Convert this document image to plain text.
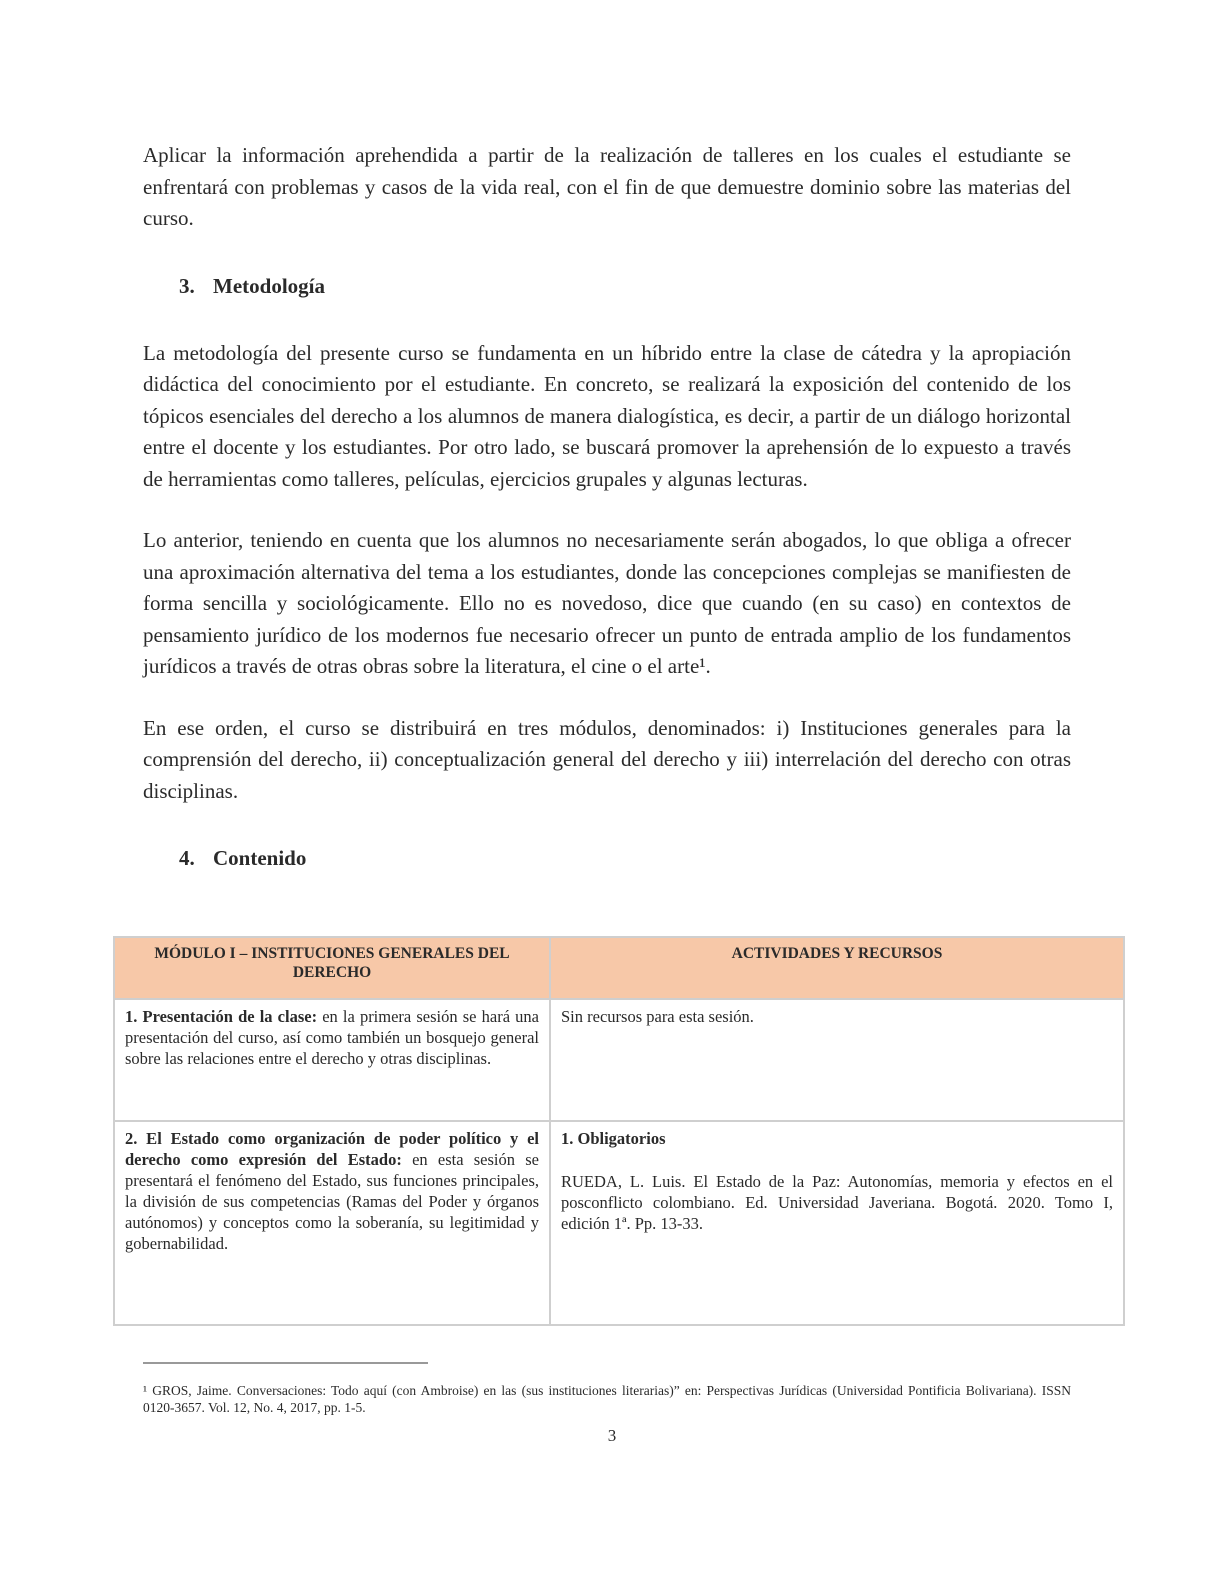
Aplicar la información aprehendida a partir de la realización de talleres en los cuales el estudiante se enfrentará con problemas y casos de la vida real, con el fin de que demuestre dominio sobre las materias del curso.

3. Metodología

La metodología del presente curso se fundamenta en un híbrido entre la clase de cátedra y la apropiación didáctica del conocimiento por el estudiante. En concreto, se realizará la exposición del contenido de los tópicos esenciales del derecho a los alumnos de manera dialogística, es decir, a partir de un diálogo horizontal entre el docente y los estudiantes. Por otro lado, se buscará promover la aprehensión de lo expuesto a través de herramientas como talleres, películas, ejercicios grupales y algunas lecturas.

Lo anterior, teniendo en cuenta que los alumnos no necesariamente serán abogados, lo que obliga a ofrecer una aproximación alternativa del tema a los estudiantes, donde las concepciones complejas se manifiesten de forma sencilla y sociológicamente. Ello no es novedoso, dice que cuando (en su caso) en contextos de pensamiento jurídico de los modernos fue necesario ofrecer un punto de entrada amplio de los fundamentos jurídicos a través de otras obras sobre la literatura, el cine o el arte¹.

En ese orden, el curso se distribuirá en tres módulos, denominados: i) Instituciones generales para la comprensión del derecho, ii) conceptualización general del derecho y iii) interrelación del derecho con otras disciplinas.

4. Contenido

MÓDULO I – INSTITUCIONES GENERALES DEL DERECHO	ACTIVIDADES Y RECURSOS
1. Presentación de la clase: en la primera sesión se hará una presentación del curso, así como también un bosquejo general sobre las relaciones entre el derecho y otras disciplinas.	Sin recursos para esta sesión.
2. El Estado como organización de poder político y el derecho como expresión del Estado: en esta sesión se presentará el fenómeno del Estado, sus funciones principales, la división de sus competencias (Ramas del Poder y órganos autónomos) y conceptos como la soberanía, su legitimidad y gobernabilidad.	1. Obligatorios

RUEDA, L. Luis. El Estado de la Paz: Autonomías, memoria y efectos en el posconflicto colombiano. Ed. Universidad Javeriana. Bogotá. 2020. Tomo I, edición 1ª. Pp. 13-33.
¹ GROS, Jaime. Conversaciones: Todo aquí (con Ambroise) en las (sus instituciones literarias)” en: Perspectivas Jurídicas (Universidad Pontificia Bolivariana). ISSN 0120-3657. Vol. 12, No. 4, 2017, pp. 1-5.
3
